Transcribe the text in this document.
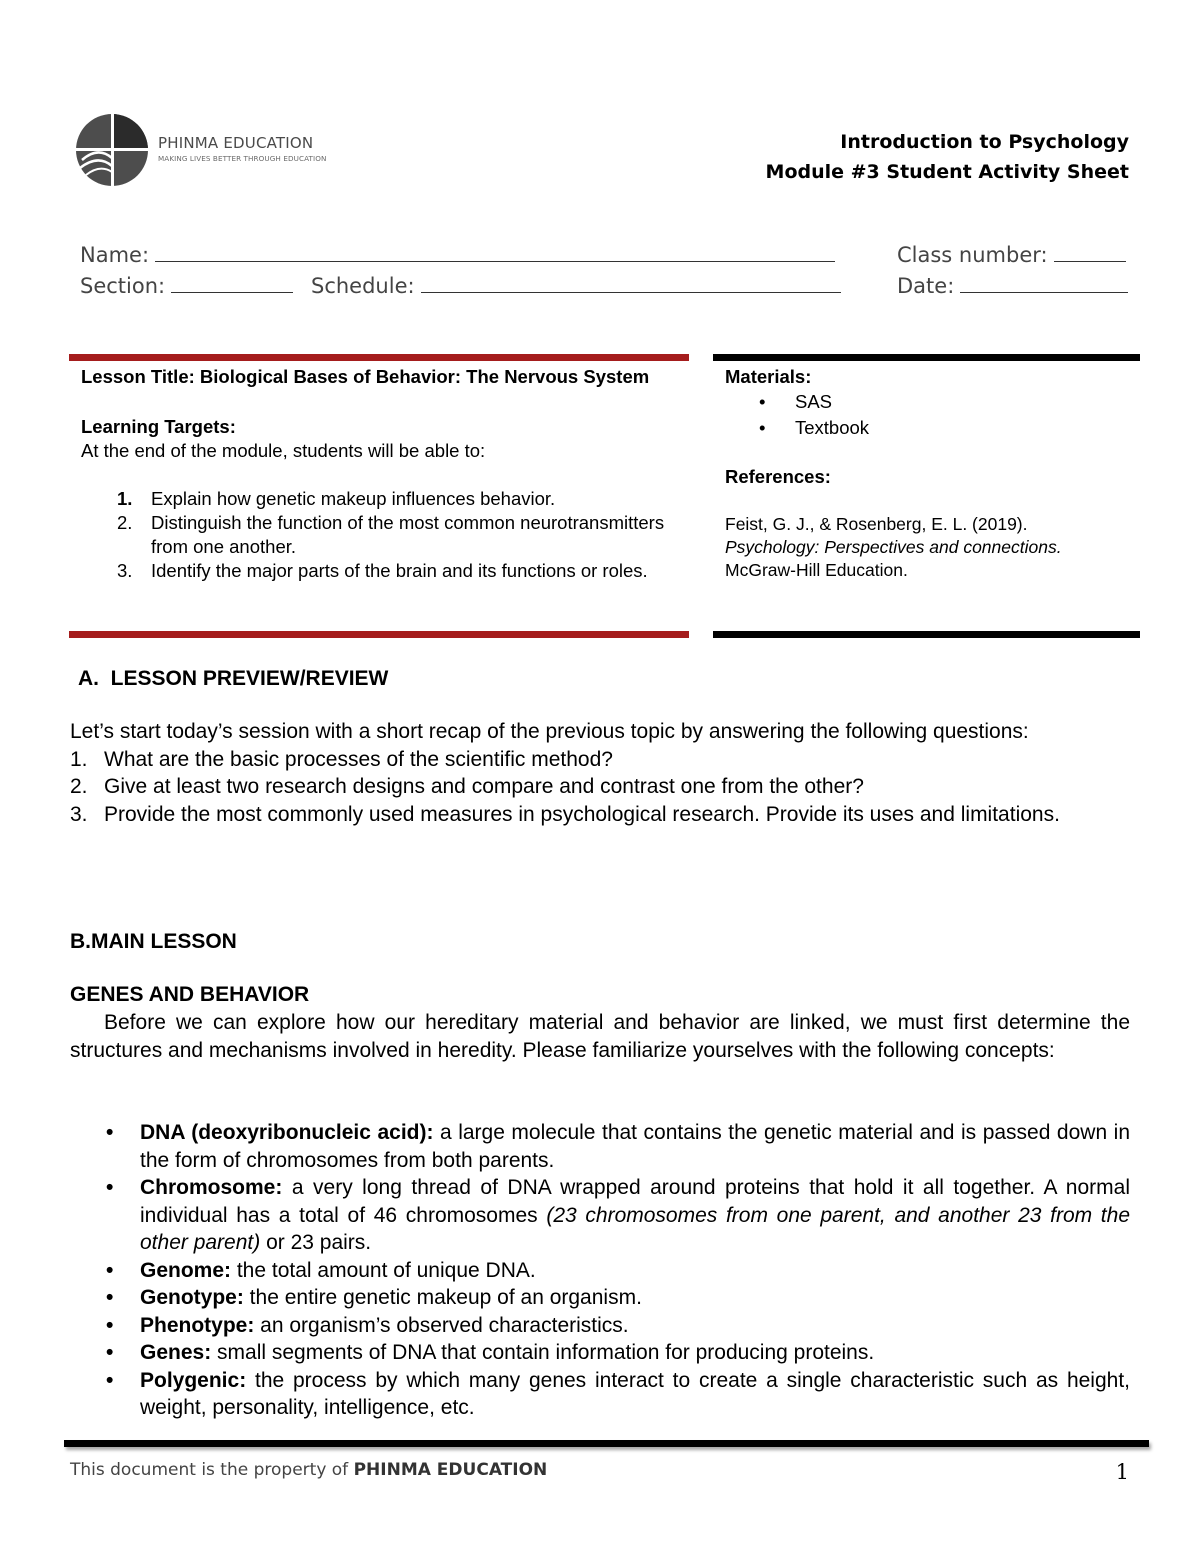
PHINMA EDUCATION
MAKING LIVES BETTER THROUGH EDUCATION
Introduction to Psychology
Module #3 Student Activity Sheet
Name:	Class number:
Section:	Schedule:	Date:
Lesson Title: Biological Bases of Behavior: The Nervous System
Learning Targets:
At the end of the module, students will be able to:
1. Explain how genetic makeup influences behavior.
2. Distinguish the function of the most common neurotransmitters from one another.
3. Identify the major parts of the brain and its functions or roles.
Materials:
• SAS
• Textbook
References:
Feist, G. J., & Rosenberg, E. L. (2019).
Psychology: Perspectives and connections.
McGraw-Hill Education.
A.  LESSON PREVIEW/REVIEW
Let’s start today’s session with a short recap of the previous topic by answering the following questions:
1. What are the basic processes of the scientific method?
2. Give at least two research designs and compare and contrast one from the other?
3. Provide the most commonly used measures in psychological research. Provide its uses and limitations.
B.MAIN LESSON
GENES AND BEHAVIOR
Before we can explore how our hereditary material and behavior are linked, we must first determine the structures and mechanisms involved in heredity. Please familiarize yourselves with the following concepts:
• DNA (deoxyribonucleic acid): a large molecule that contains the genetic material and is passed down in the form of chromosomes from both parents.
• Chromosome: a very long thread of DNA wrapped around proteins that hold it all together. A normal individual has a total of 46 chromosomes (23 chromosomes from one parent, and another 23 from the other parent) or 23 pairs.
• Genome: the total amount of unique DNA.
• Genotype: the entire genetic makeup of an organism.
• Phenotype: an organism’s observed characteristics.
• Genes: small segments of DNA that contain information for producing proteins.
• Polygenic: the process by which many genes interact to create a single characteristic such as height, weight, personality, intelligence, etc.
This document is the property of PHINMA EDUCATION	1
